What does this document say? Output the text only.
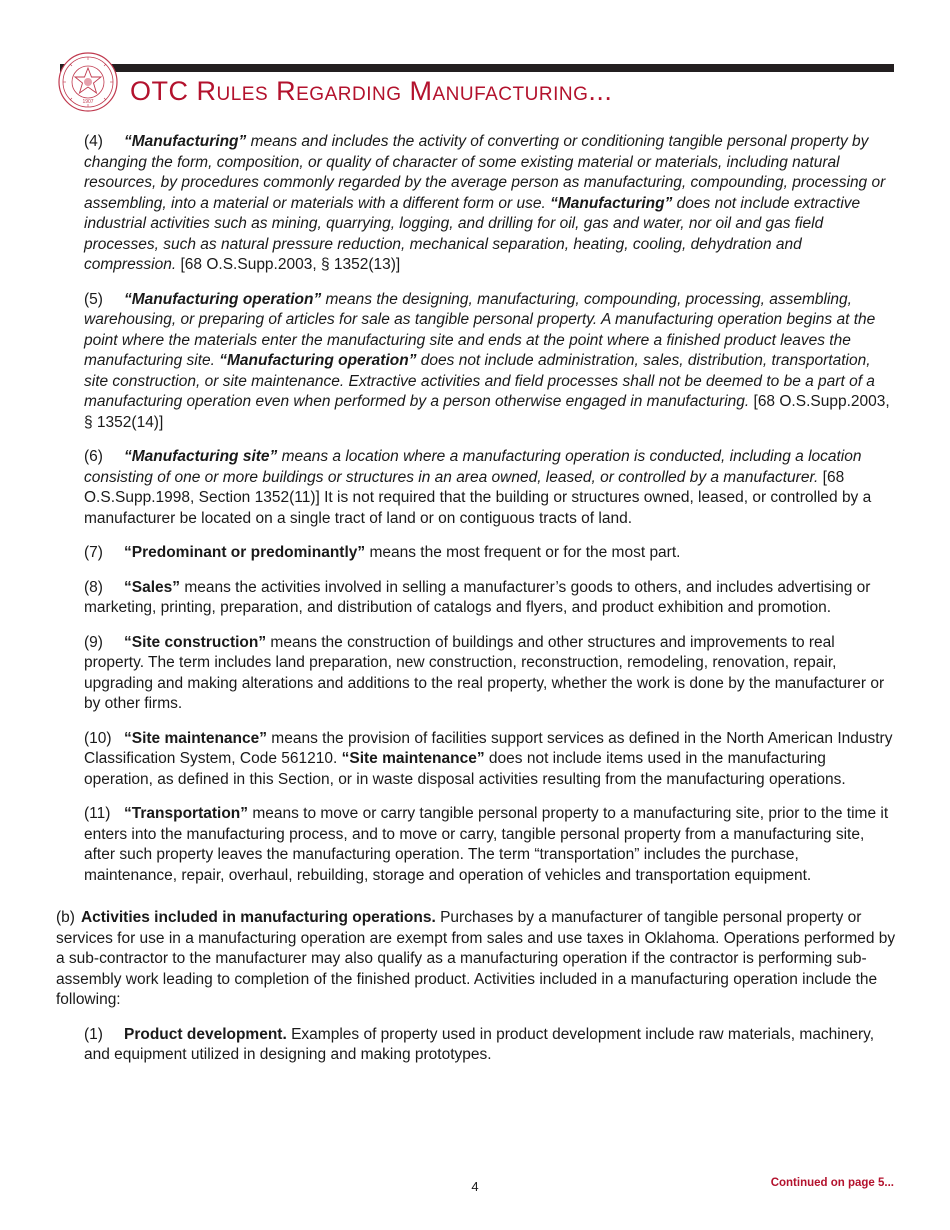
1907 OTC Rules Regarding Manufacturing...

(4) “Manufacturing” means and includes the activity of converting or conditioning tangible personal property by changing the form, composition, or quality of character of some existing material or materials, including natural resources, by procedures commonly regarded by the average person as manufacturing, compounding, processing or assembling, into a material or materials with a different form or use. “Manufacturing” does not include extractive industrial activities such as mining, quarrying, logging, and drilling for oil, gas and water, nor oil and gas field processes, such as natural pressure reduction, mechanical separation, heating, cooling, dehydration and compression. [68 O.S.Supp.2003, § 1352(13)]

(5) “Manufacturing operation” means the designing, manufacturing, compounding, processing, assembling, warehousing, or preparing of articles for sale as tangible personal property. A manufacturing operation begins at the point where the materials enter the manufacturing site and ends at the point where a finished product leaves the manufacturing site. “Manufacturing operation” does not include administration, sales, distribution, transportation, site construction, or site maintenance. Extractive activities and field processes shall not be deemed to be a part of a manufacturing operation even when performed by a person otherwise engaged in manufacturing. [68 O.S.Supp.2003, § 1352(14)]

(6) “Manufacturing site” means a location where a manufacturing operation is conducted, including a location consisting of one or more buildings or structures in an area owned, leased, or controlled by a manufacturer. [68 O.S.Supp.1998, Section 1352(11)] It is not required that the building or structures owned, leased, or controlled by a manufacturer be located on a single tract of land or on contiguous tracts of land.

(7) “Predominant or predominantly” means the most frequent or for the most part.

(8) “Sales” means the activities involved in selling a manufacturer’s goods to others, and includes advertising or marketing, printing, preparation, and distribution of catalogs and flyers, and product exhibition and promotion.

(9) “Site construction” means the construction of buildings and other structures and improvements to real property. The term includes land preparation, new construction, reconstruction, remodeling, renovation, repair, upgrading and making alterations and additions to the real property, whether the work is done by the manufacturer or by other firms.

(10) “Site maintenance” means the provision of facilities support services as defined in the North American Industry Classification System, Code 561210. “Site maintenance” does not include items used in the manufacturing operation, as defined in this Section, or in waste disposal activities resulting from the manufacturing operations.

(11) “Transportation” means to move or carry tangible personal property to a manufacturing site, prior to the time it enters into the manufacturing process, and to move or carry, tangible personal property from a manufacturing site, after such property leaves the manufacturing operation. The term “transportation” includes the purchase, maintenance, repair, overhaul, rebuilding, storage and operation of vehicles and transportation equipment.

(b) Activities included in manufacturing operations. Purchases by a manufacturer of tangible personal property or services for use in a manufacturing operation are exempt from sales and use taxes in Oklahoma. Operations performed by a sub-contractor to the manufacturer may also qualify as a manufacturing operation if the contractor is performing sub-assembly work leading to completion of the finished product. Activities included in a manufacturing operation include the following:

(1) Product development. Examples of property used in product development include raw materials, machinery, and equipment utilized in designing and making prototypes.

4	Continued on page 5...
